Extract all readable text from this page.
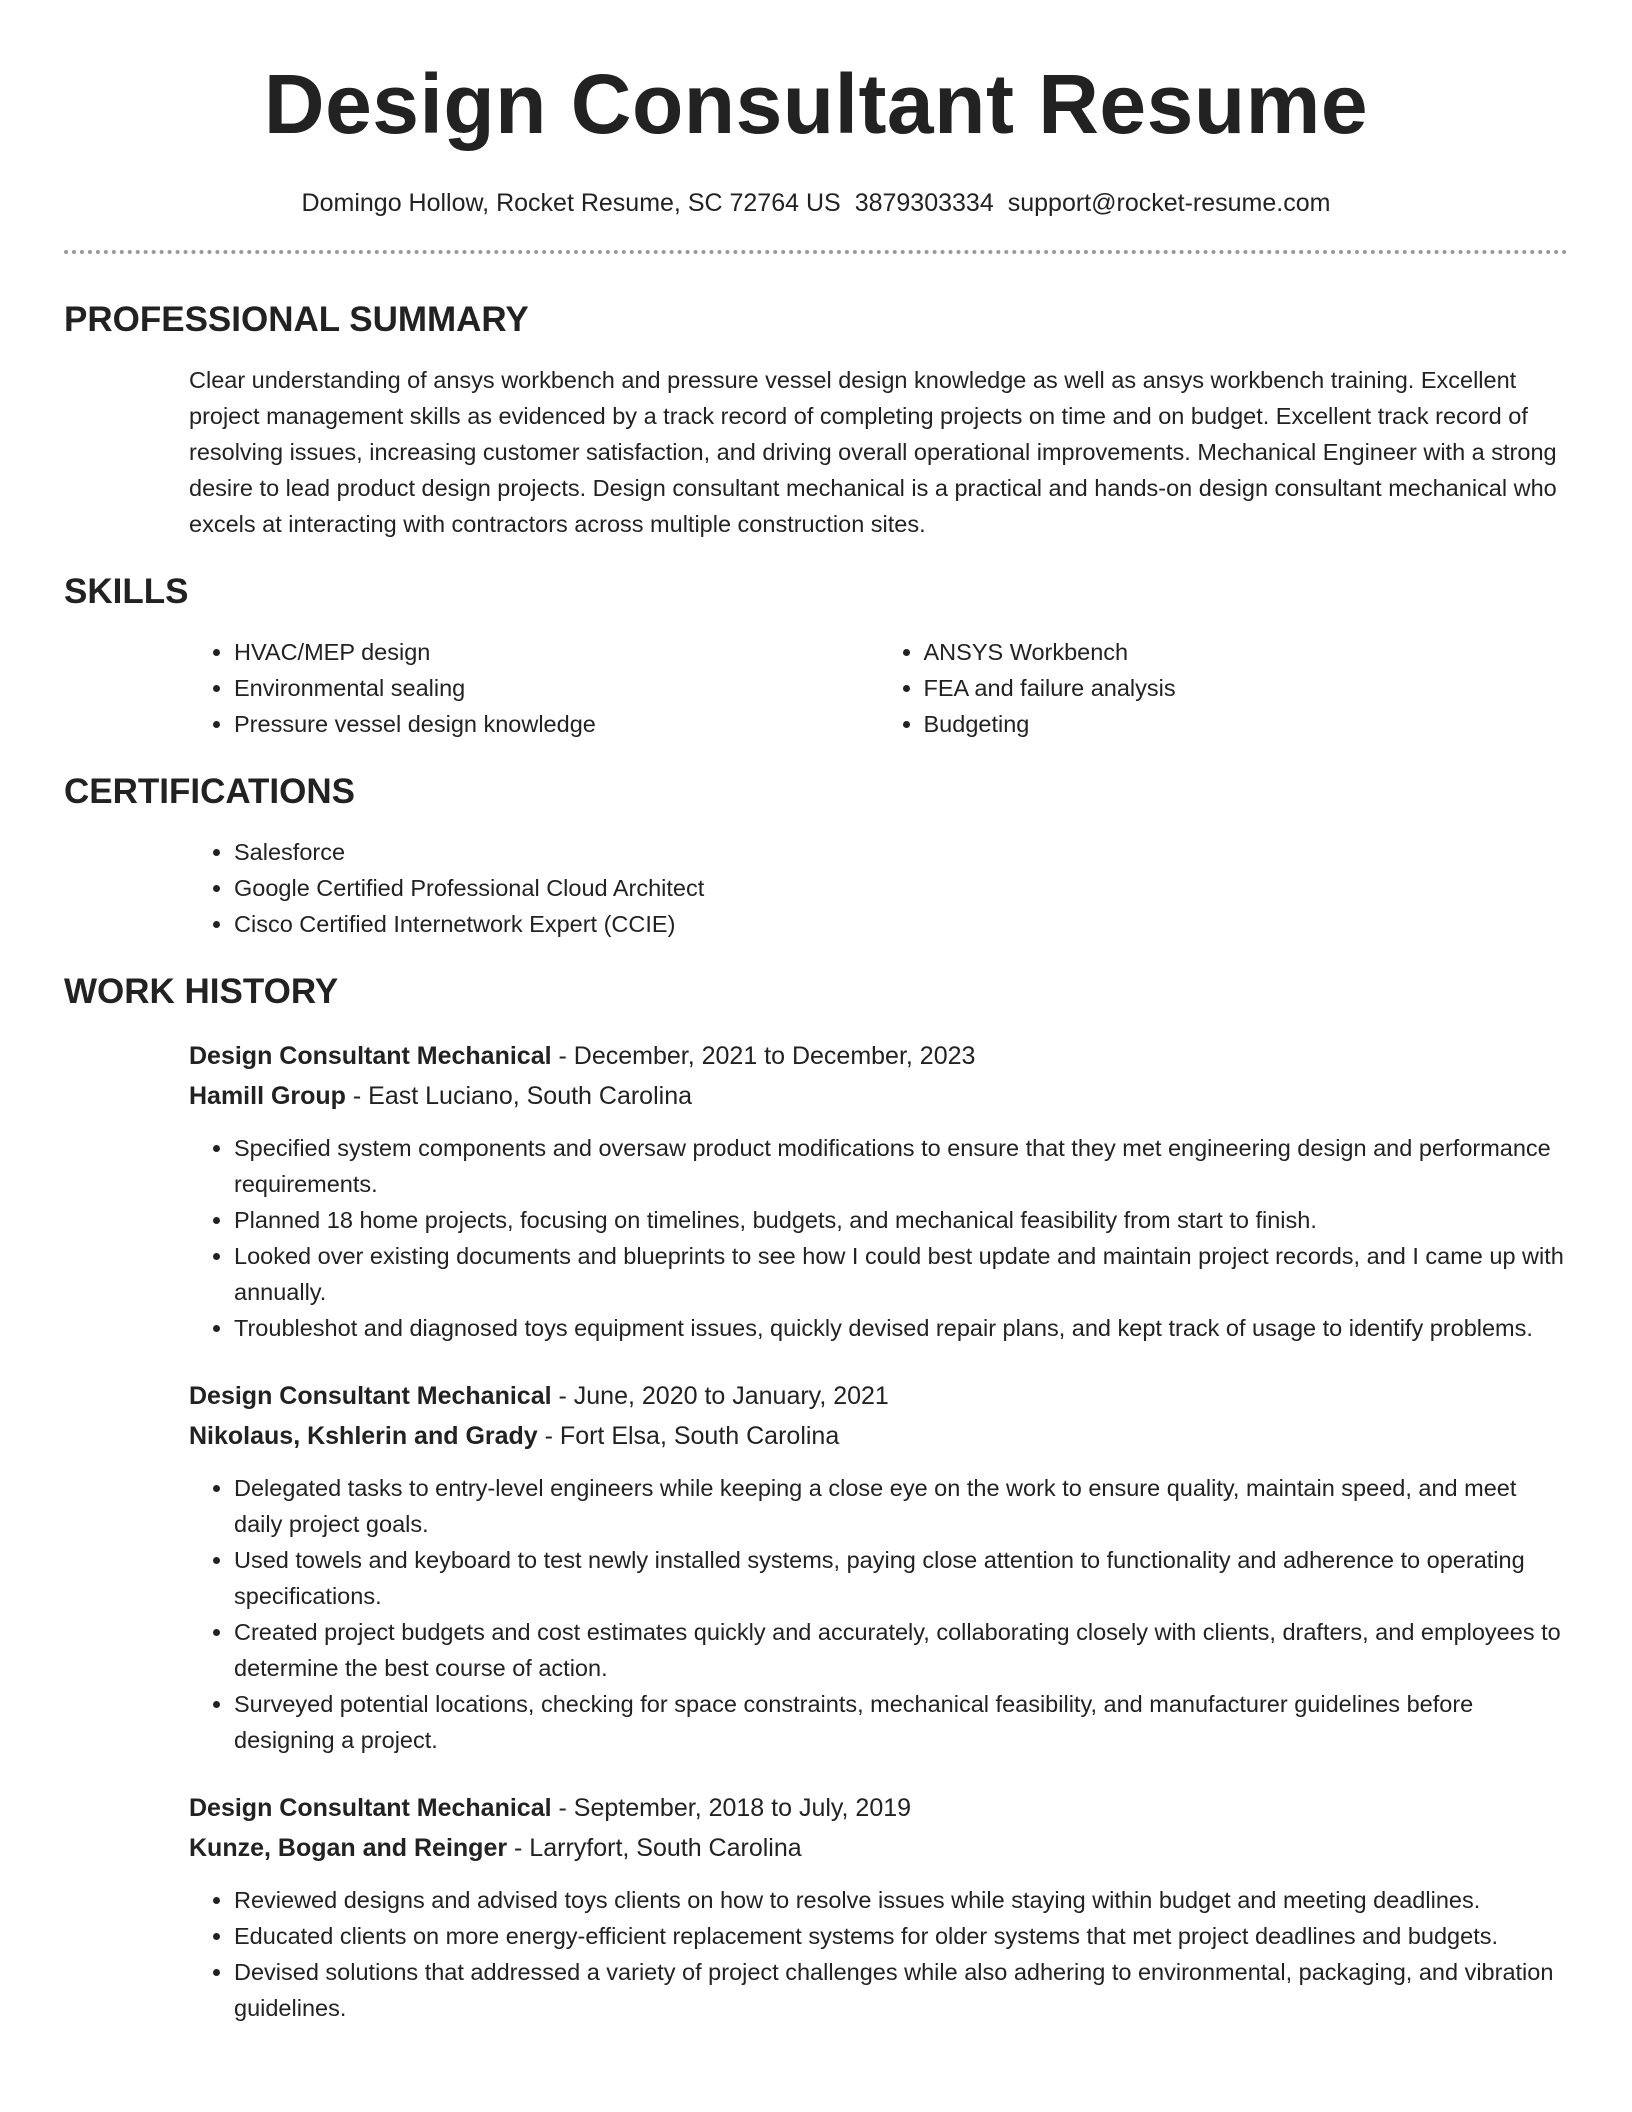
Design Consultant Resume
Domingo Hollow, Rocket Resume, SC 72764 US 3879303334 support@rocket-resume.com
PROFESSIONAL SUMMARY
Clear understanding of ansys workbench and pressure vessel design knowledge as well as ansys workbench training. Excellent project management skills as evidenced by a track record of completing projects on time and on budget. Excellent track record of resolving issues, increasing customer satisfaction, and driving overall operational improvements. Mechanical Engineer with a strong desire to lead product design projects. Design consultant mechanical is a practical and hands-on design consultant mechanical who excels at interacting with contractors across multiple construction sites.
SKILLS
• HVAC/MEP design
• Environmental sealing
• Pressure vessel design knowledge
• ANSYS Workbench
• FEA and failure analysis
• Budgeting
CERTIFICATIONS
• Salesforce
• Google Certified Professional Cloud Architect
• Cisco Certified Internetwork Expert (CCIE)
WORK HISTORY
Design Consultant Mechanical - December, 2021 to December, 2023
Hamill Group - East Luciano, South Carolina
• Specified system components and oversaw product modifications to ensure that they met engineering design and performance requirements.
• Planned 18 home projects, focusing on timelines, budgets, and mechanical feasibility from start to finish.
• Looked over existing documents and blueprints to see how I could best update and maintain project records, and I came up with annually.
• Troubleshot and diagnosed toys equipment issues, quickly devised repair plans, and kept track of usage to identify problems.
Design Consultant Mechanical - June, 2020 to January, 2021
Nikolaus, Kshlerin and Grady - Fort Elsa, South Carolina
• Delegated tasks to entry-level engineers while keeping a close eye on the work to ensure quality, maintain speed, and meet daily project goals.
• Used towels and keyboard to test newly installed systems, paying close attention to functionality and adherence to operating specifications.
• Created project budgets and cost estimates quickly and accurately, collaborating closely with clients, drafters, and employees to determine the best course of action.
• Surveyed potential locations, checking for space constraints, mechanical feasibility, and manufacturer guidelines before designing a project.
Design Consultant Mechanical - September, 2018 to July, 2019
Kunze, Bogan and Reinger - Larryfort, South Carolina
• Reviewed designs and advised toys clients on how to resolve issues while staying within budget and meeting deadlines.
• Educated clients on more energy-efficient replacement systems for older systems that met project deadlines and budgets.
• Devised solutions that addressed a variety of project challenges while also adhering to environmental, packaging, and vibration guidelines.
